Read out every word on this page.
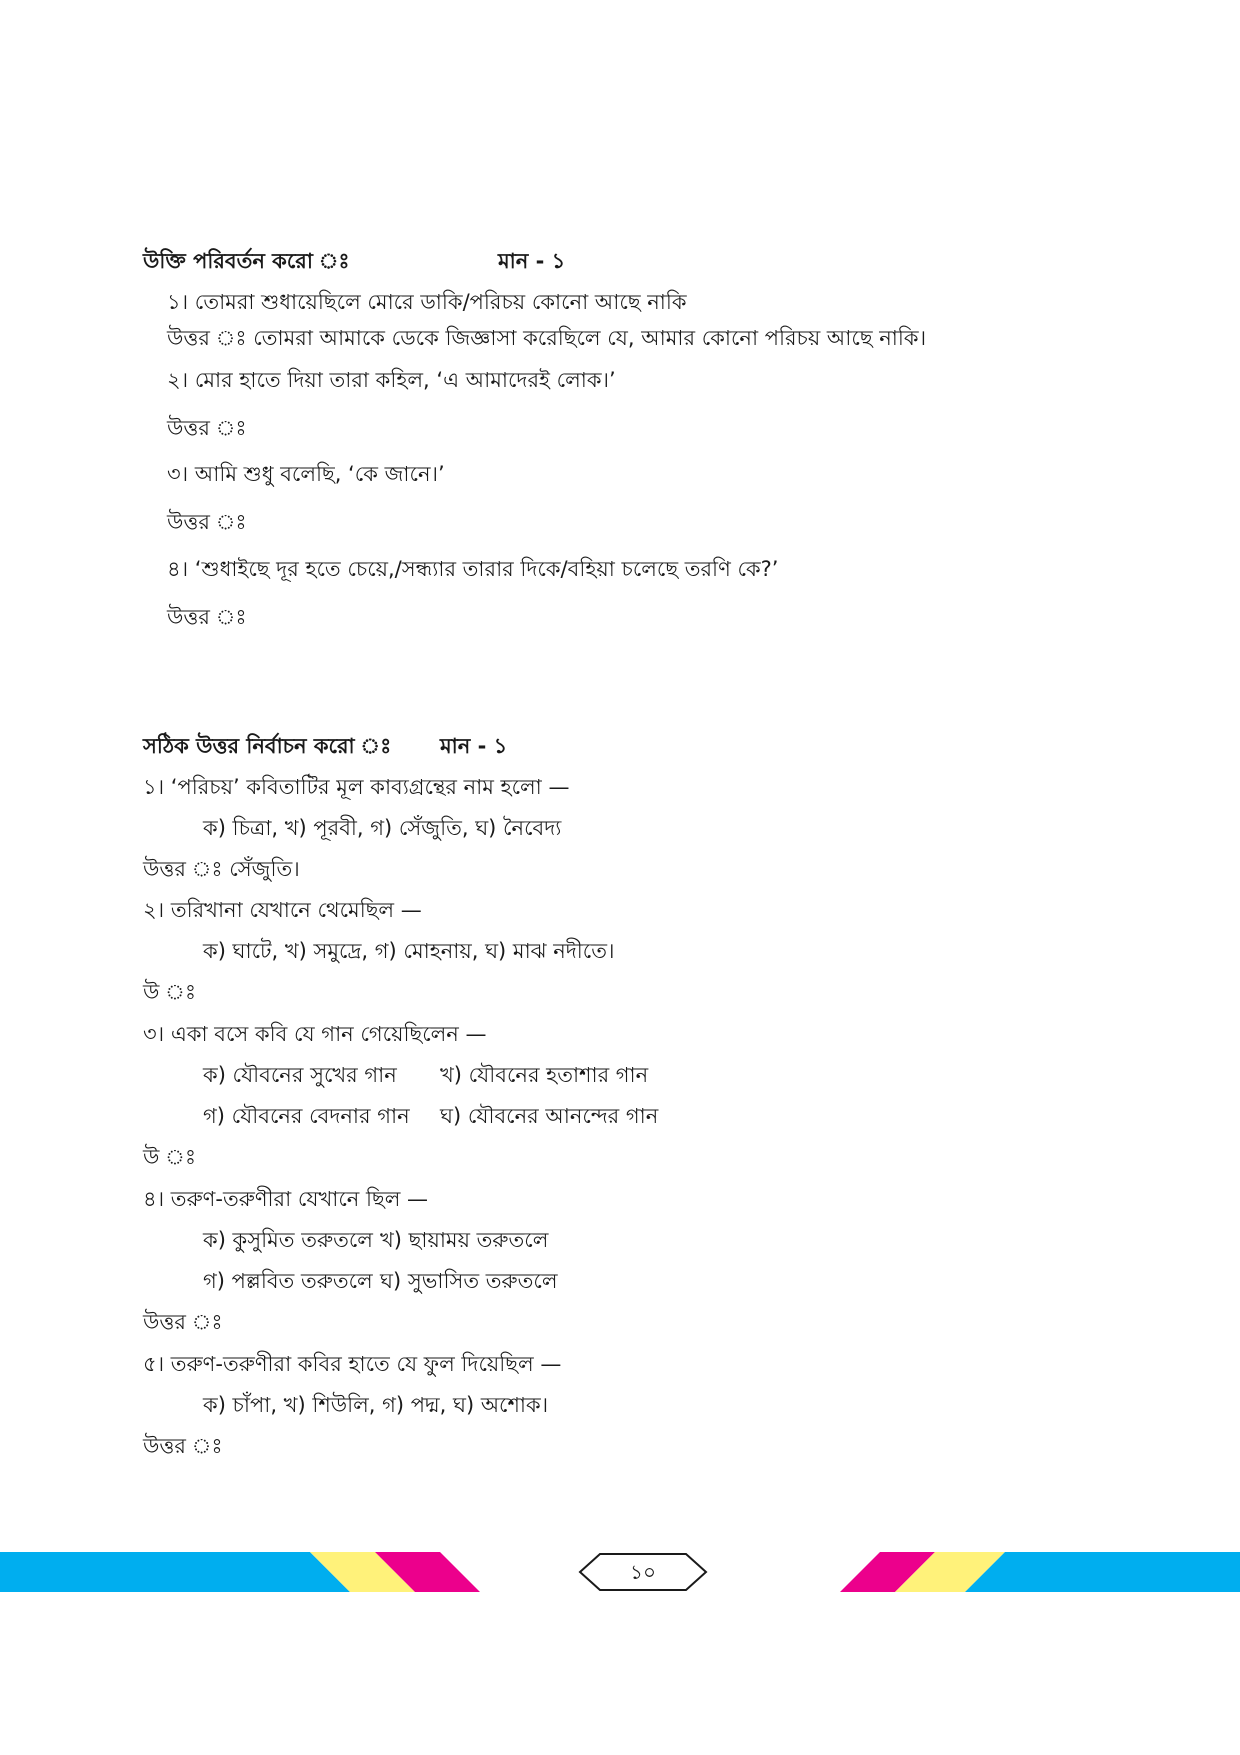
উক্তি পরিবর্তন করো ঃ	মান - ১
১। তোমরা শুধায়েছিলে মোরে ডাকি/পরিচয় কোনো আছে নাকি
উত্তর ঃ তোমরা আমাকে ডেকে জিজ্ঞাসা করেছিলে যে, আমার কোনো পরিচয় আছে নাকি।
২। মোর হাতে দিয়া তারা কহিল, ‘এ আমাদেরই লোক।’
উত্তর ঃ
৩। আমি শুধু বলেছি, ‘কে জানে।’
উত্তর ঃ
৪। ‘শুধাইছে দূর হতে চেয়ে,/সন্ধ্যার তারার দিকে/বহিয়া চলেছে তরণি কে?’
উত্তর ঃ
সঠিক উত্তর নির্বাচন করো ঃ মান - ১
১। ‘পরিচয়’ কবিতাটির মূল কাব্যগ্রন্থের নাম হলো —
ক) চিত্রা, খ) পূরবী, গ) সেঁজুতি, ঘ) নৈবেদ্য
উত্তর ঃ সেঁজুতি।
২। তরিখানা যেখানে থেমেছিল —
ক) ঘাটে, খ) সমুদ্রে, গ) মোহনায়, ঘ) মাঝ নদীতে।
উ ঃ
৩। একা বসে কবি যে গান গেয়েছিলেন —
ক) যৌবনের সুখের গান খ) যৌবনের হতাশার গান
গ) যৌবনের বেদনার গান ঘ) যৌবনের আনন্দের গান
উ ঃ
৪। তরুণ-তরুণীরা যেখানে ছিল —
ক) কুসুমিত তরুতলে খ) ছায়াময় তরুতলে
গ) পল্লবিত তরুতলে ঘ) সুভাসিত তরুতলে
উত্তর ঃ
৫। তরুণ-তরুণীরা কবির হাতে যে ফুল দিয়েছিল —
ক) চাঁপা, খ) শিউলি, গ) পদ্ম, ঘ) অশোক।
উত্তর ঃ
১০
